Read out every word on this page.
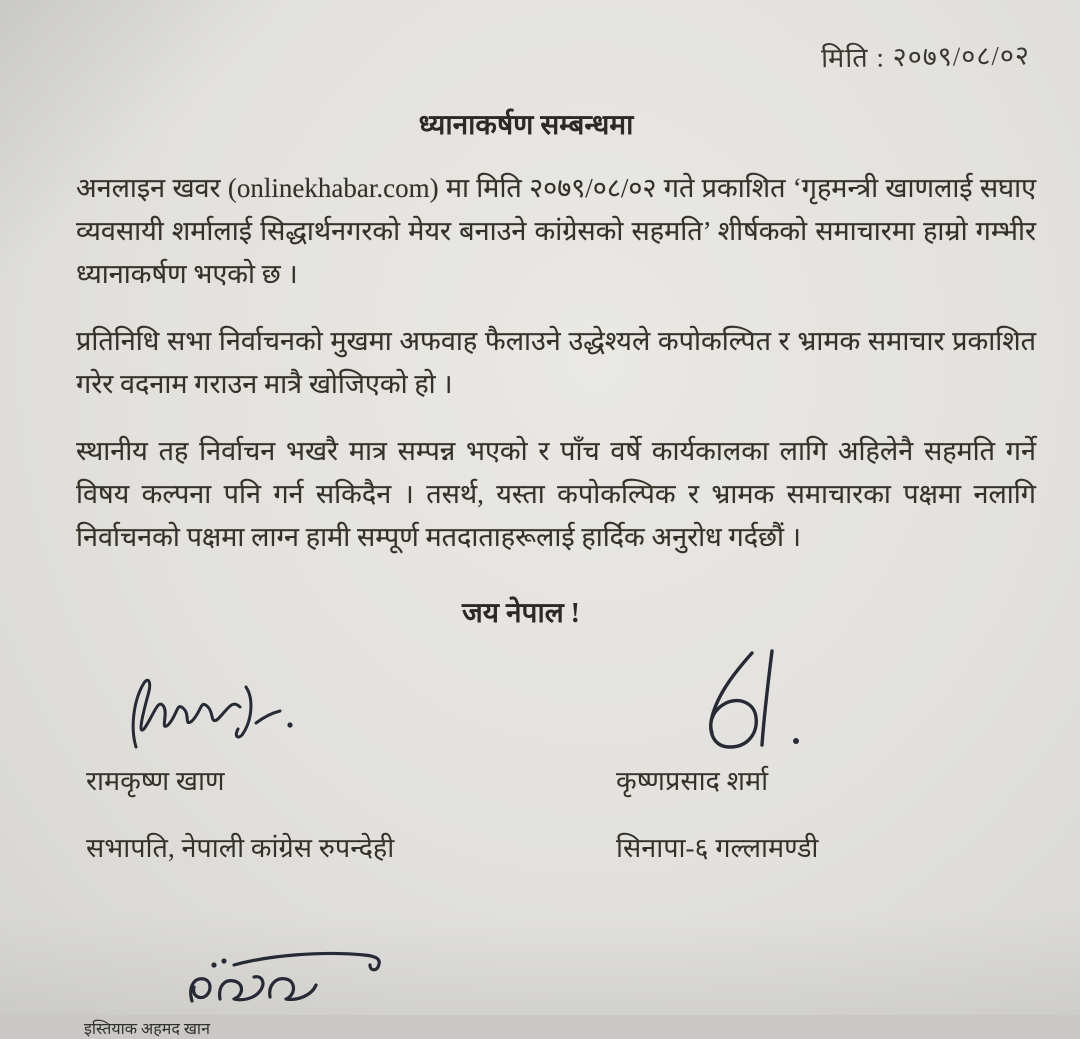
मिति : २०७९/०८/०२
ध्यानाकर्षण सम्बन्धमा

अनलाइन खवर (onlinekhabar.com) मा मिति २०७९/०८/०२ गते प्रकाशित ‘गृहमन्त्री खाणलाई सघाए व्यवसायी शर्मालाई सिद्धार्थनगरको मेयर बनाउने कांग्रेसको सहमति’ शीर्षकको समाचारमा हाम्रो गम्भीर ध्यानाकर्षण भएको छ ।

प्रतिनिधि सभा निर्वाचनको मुखमा अफवाह फैलाउने उद्धेश्यले कपोकल्पित र भ्रामक समाचार प्रकाशित गरेर वदनाम गराउन मात्रै खोजिएको हो ।

स्थानीय तह निर्वाचन भखरै मात्र सम्पन्न भएको र पाँच वर्षे कार्यकालका लागि अहिलेनै सहमति गर्ने विषय कल्पना पनि गर्न सकिदैन । तसर्थ, यस्ता कपोकल्पिक र भ्रामक समाचारका पक्षमा नलागि निर्वाचनको पक्षमा लाग्न हामी सम्पूर्ण मतदाताहरूलाई हार्दिक अनुरोध गर्दछौं ।

जय नेपाल !
रामकृष्ण खाण
सभापति, नेपाली कांग्रेस रुपन्देही
कृष्णप्रसाद शर्मा
सिनापा-६ गल्लामण्डी
इस्तियाक अहमद खान
